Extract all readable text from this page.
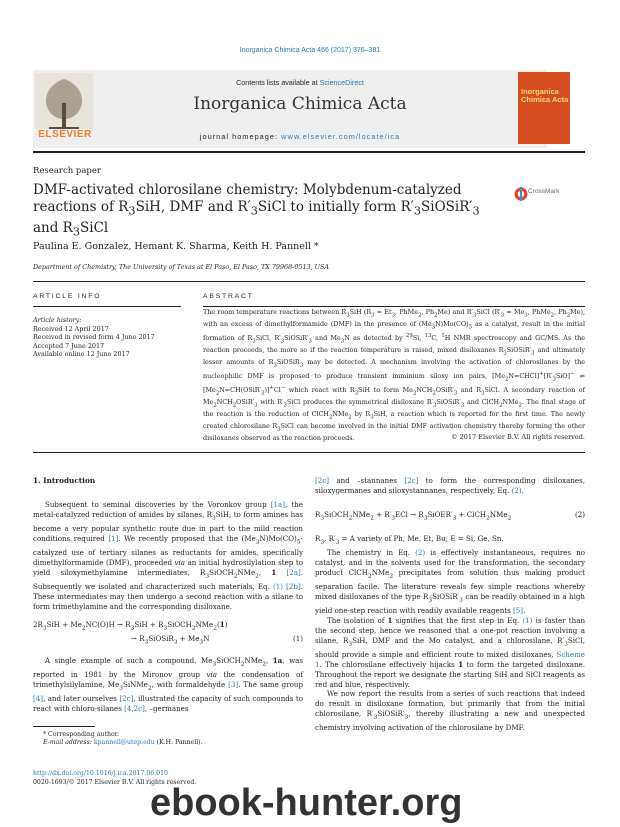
Inorganica Chimica Acta 466 (2017) 376–381
ELSEVIER
Contents lists available at ScienceDirect
Inorganica Chimica Acta
journal homepage: www.elsevier.com/locate/ica
Inorganica Chimica Acta
Research paper
DMF-activated chlorosilane chemistry: Molybdenum-catalyzed reactions of $R_3SiH$, DMF and $R'_3SiCl$ to initially form $R'_3SiOSiR'_3$ and $R_3SiCl$
CrossMark
Paulina E. Gonzalez, Hemant K. Sharma, Keith H. Pannell *
Department of Chemistry, The University of Texas at El Paso, El Paso, TX 79968-0513, USA
ARTICLE INFO	ABSTRACT
Article history:
Received 12 April 2017
Received in revised form 4 June 2017
Accepted 7 June 2017
Available online 12 June 2017
The room temperature reactions between $R_3SiH$ ($R_3 = Et_3$, PhMe$_2$, $Ph_2Me$) and $R'_3SiCl$ ($R'_3 = Me_3$, PhMe$_2$, $Ph_2Me$), with an excess of dimethylformamide (DMF) in the presence of $(Me_3N)Mo(CO)_5$ as a catalyst, result in the initial formation of $R_3SiCl$, $R'_3SiOSiR'_3$ and $Me_3N$ as detected by $^{29}$Si, $^{13}$C, $^1$H NMR spectroscopy and GC/MS. As the reaction proceeds, the more so if the reaction temperature is raised, mixed disiloxanes $R_3SiOSiR'_3$ and ultimately lesser amounts of $R_3SiOSiR_3$ may be detected. A mechanism involving the activation of chlorosilanes by the nucleophilic DMF is proposed to produce transient imminium siloxy ion pairs, $[Me_2N=CHCl]^+[R'_3SiO]^-$ ⇌ $[Me_2N=CH(OSiR'_3)]^+Cl^-$ which react with $R_3SiH$ to form $Me_2NCH_2OSiR'_3$ and $R_3SiCl$. A secondary reaction of $Me_2NCH_2OSiR'_3$ with $R'_3SiCl$ produces the symmetrical disiloxane $R'_3SiOSiR'_3$ and ClCH$_2$NMe$_2$. The final stage of the reaction is the reduction of ClCH$_2$NMe$_2$ by $R_3SiH$, a reaction which is reported for the first time. The newly created chlorosilane $R_3SiCl$ can become involved in the initial DMF activation chemistry thereby forming the other disiloxanes observed as the reaction proceeds.	© 2017 Elsevier B.V. All rights reserved.
1. Introduction

Subsequent to seminal discoveries by the Voronkov group [1a], the metal-catalyzed reduction of amides by silanes, $R_3SiH$, to form amines has become a very popular synthetic route due in part to the mild reaction conditions required [1]. We recently proposed that the $(Me_3N)Mo(CO)_5$-catalyzed use of tertiary silanes as reductants for amides, specifically dimethylformamide (DMF), proceeded via an initial hydrosilylation step to yield siloxymethylamine intermediates, $R_3SiOCH_2NMe_2$, 1 [2a]. Subsequently we isolated and characterized such materials, Eq. (1) [2b]. These intermediates may then undergo a second reaction with a silane to form trimethylamine and the corresponding disiloxane.

$2R_3SiH + Me_2NC(O)H \to R_3SiH$ + $R_3SiOCH_2NMe_2(1)$
→ $R_3SiOSiR_3 + Me_3N$	(1)

A single example of such a compound, $Me_3SiOCH_2NMe_2$, 1a, was reported in 1981 by the Mironov group via the condensation of trimethylsilylamine, $Me_3SiNMe_2$, with formaldehyde [3]. The same group [4], and later ourselves [2c], illustrated the capacity of such compounds to react with chloro-silanes [4,2c], –germanes

[2c] and –stannanes [2c] to form the corresponding disiloxanes, siloxygermanes and siloxystannanes, respectively, Eq. (2).

$R_3SiOCH_2NMe_2 + R'_3ECl$ → $R_3SiOER'_3$ + ClCH$_2$NMe$_2$	(2)

$R_3$, $R'_3 = A$ variety of Ph, Me, Et, Bu; E = Si, Ge, Sn.

The chemistry in Eq. (2) is effectively instantaneous, requires no catalyst, and in the solvents used for the transformation, the secondary product ClCH$_2$NMe$_2$ precipitates from solution thus making product separation facile. The literature reveals few simple reactions whereby mixed disiloxanes of the type $R_3SiOSiR'_3$ can be readily obtained in a high yield one-step reaction with readily available reagents [5].

The isolation of 1 signifies that the first step in Eq. (1) is faster than the second step, hence we reasoned that a one-pot reaction involving a silane, $R_3SiH$, DMF and the Mo catalyst, and a chlorosilane, $R'_3SiCl$, should provide a simple and efficient route to mixed disiloxanes, Scheme 1. The chlorosilane effectively hijacks 1 to form the targeted disiloxane. Throughout the report we designate the starting SiH and SiCl reagents as red and blue, respectively.

We now report the results from a series of such reactions that indeed do result in disiloxane formation, but primarily that from the initial chlorosilane, $R'_3SiOSiR'_3$, thereby illustrating a new and unexpected chemistry involving activation of the chlorosilane by DMF.

* Corresponding author.
E-mail address: kpannell@utep.edu (K.H. Pannell).
http://dx.doi.org/10.1016/j.ica.2017.06.010
0020-1693/© 2017 Elsevier B.V. All rights reserved.
ebook-hunter.org
